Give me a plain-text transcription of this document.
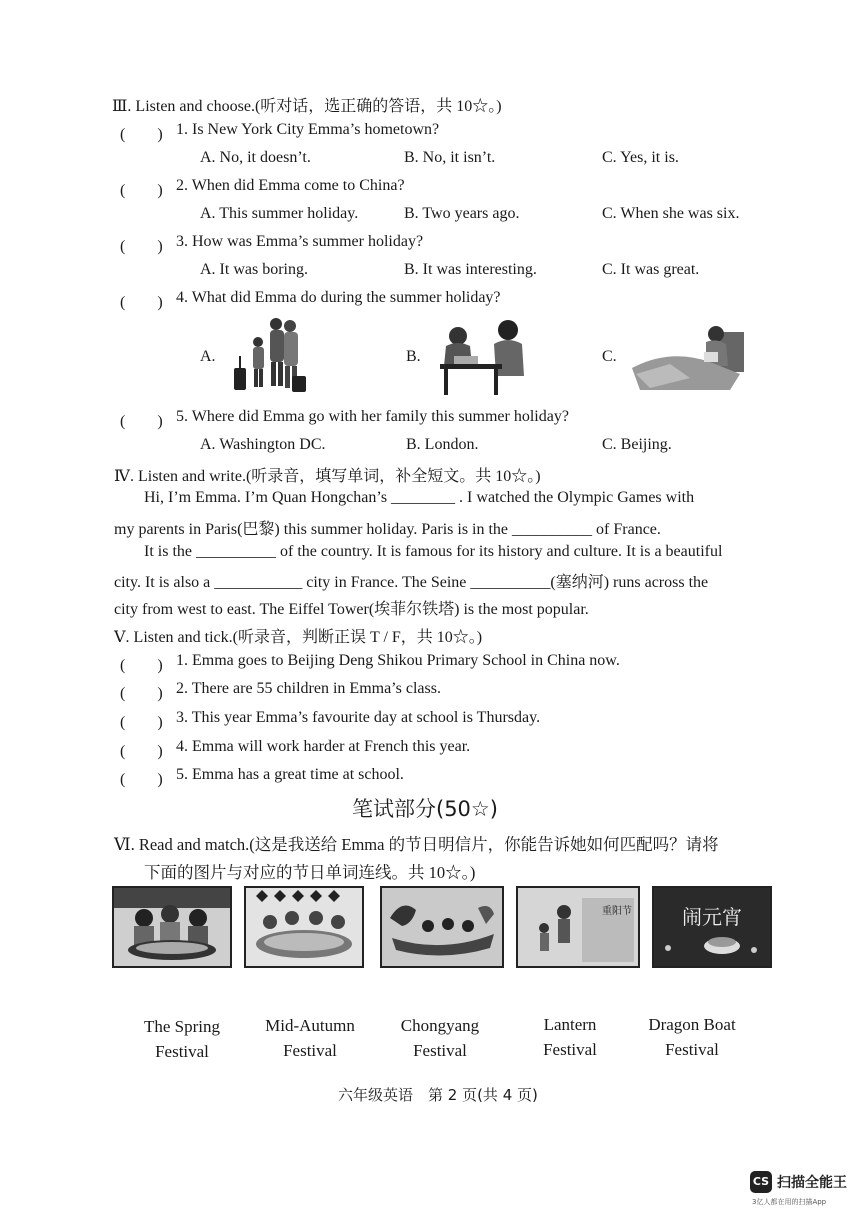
Ⅲ. Listen and choose.(听对话，选正确的答语，共 10☆。)
(　　) 1. Is New York City Emma’s hometown?
A. No, it doesn’t.	B. No, it isn’t.	C. Yes, it is.
(　　) 2. When did Emma come to China?
A. This summer holiday.	B. Two years ago.	C. When she was six.
(　　) 3. How was Emma’s summer holiday?
A. It was boring.	B. It was interesting.	C. It was great.
(　　) 4. What did Emma do during the summer holiday?
A.	B.	C.
(　　) 5. Where did Emma go with her family this summer holiday?
A. Washington DC.	B. London.	C. Beijing.
Ⅳ. Listen and write.(听录音，填写单词，补全短文。共 10☆。)
Hi, I’m Emma. I’m Quan Hongchan’s ________ . I watched the Olympic Games with
my parents in Paris(巴黎) this summer holiday. Paris is in the __________ of France.
It is the __________ of the country. It is famous for its history and culture. It is a beautiful
city. It is also a ___________ city in France. The Seine __________(塞纳河) runs across the
city from west to east. The Eiffel Tower(埃菲尔铁塔) is the most popular.
Ⅴ. Listen and tick.(听录音，判断正误 T / F，共 10☆。)
(　　) 1. Emma goes to Beijing Deng Shikou Primary School in China now.
(　　) 2. There are 55 children in Emma’s class.
(　　) 3. This year Emma’s favourite day at school is Thursday.
(　　) 4. Emma will work harder at French this year.
(　　) 5. Emma has a great time at school.
笔试部分(50☆)
Ⅵ. Read and match.(这是我送给 Emma 的节日明信片，你能告诉她如何匹配吗？请将
下面的图片与对应的节日单词连线。共 10☆。)
重阳节	闹元宵
The Spring
Festival
Mid-Autumn
Festival
Chongyang
Festival
Lantern
Festival
Dragon Boat
Festival
六年级英语　第 2 页(共 4 页)
CS 扫描全能王
3亿人都在用的扫描App
